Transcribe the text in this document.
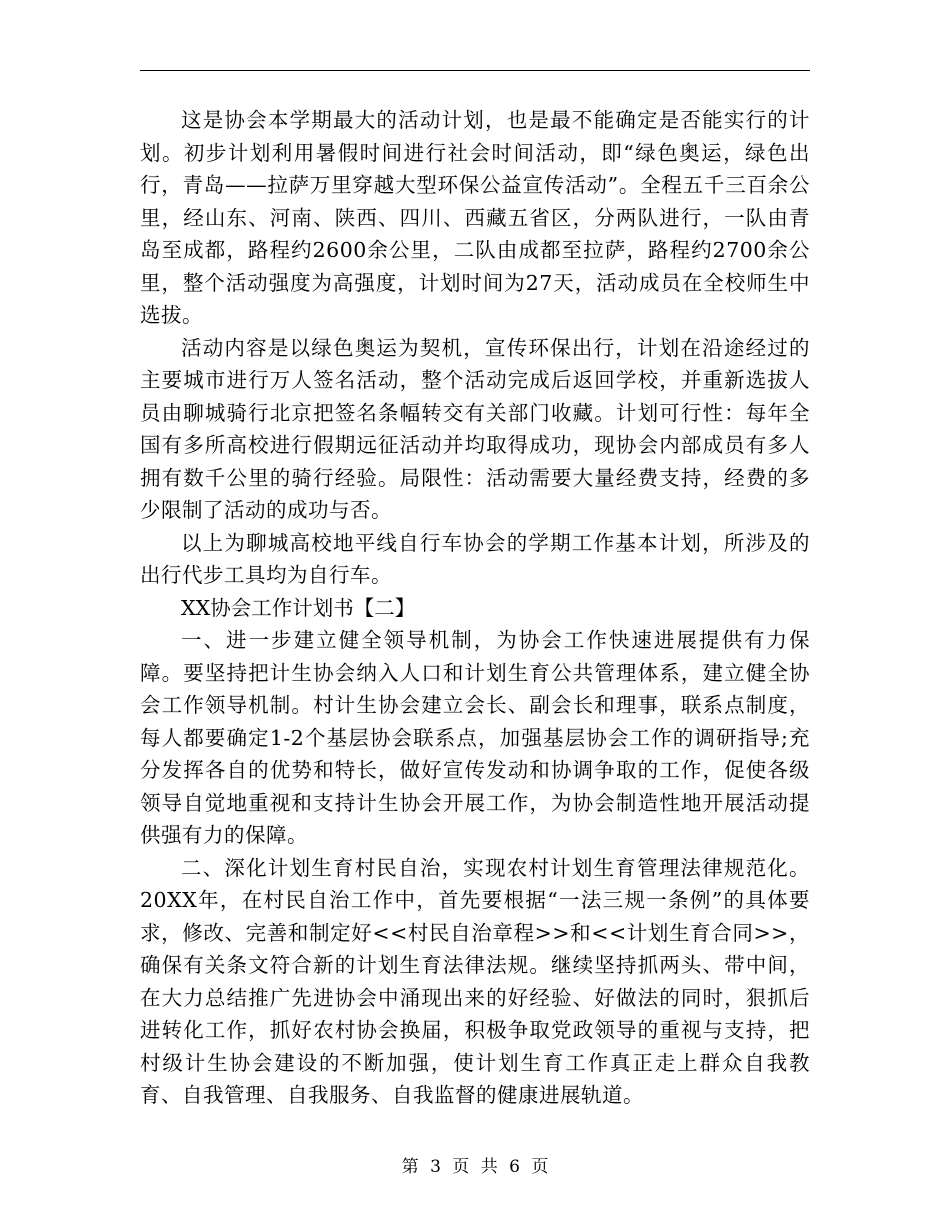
这是协会本学期最大的活动计划，也是最不能确定是否能实行的计划。初步计划利用暑假时间进行社会时间活动，即“绿色奥运，绿色出行，青岛——拉萨万里穿越大型环保公益宣传活动”。全程五千三百余公里，经山东、河南、陕西、四川、西藏五省区，分两队进行，一队由青岛至成都，路程约2600余公里，二队由成都至拉萨，路程约2700余公里，整个活动强度为高强度，计划时间为27天，活动成员在全校师生中选拔。

活动内容是以绿色奥运为契机，宣传环保出行，计划在沿途经过的主要城市进行万人签名活动，整个活动完成后返回学校，并重新选拔人员由聊城骑行北京把签名条幅转交有关部门收藏。计划可行性：每年全国有多所高校进行假期远征活动并均取得成功，现协会内部成员有多人拥有数千公里的骑行经验。局限性：活动需要大量经费支持，经费的多少限制了活动的成功与否。

以上为聊城高校地平线自行车协会的学期工作基本计划，所涉及的出行代步工具均为自行车。

XX协会工作计划书【二】

一、进一步建立健全领导机制，为协会工作快速进展提供有力保障。要坚持把计生协会纳入人口和计划生育公共管理体系，建立健全协会工作领导机制。村计生协会建立会长、副会长和理事，联系点制度，每人都要确定1-2个基层协会联系点，加强基层协会工作的调研指导;充分发挥各自的优势和特长，做好宣传发动和协调争取的工作，促使各级领导自觉地重视和支持计生协会开展工作，为协会制造性地开展活动提供强有力的保障。

二、深化计划生育村民自治，实现农村计划生育管理法律规范化。20XX年，在村民自治工作中，首先要根据“一法三规一条例”的具体要求，修改、完善和制定好<<村民自治章程>>和<<计划生育合同>>，确保有关条文符合新的计划生育法律法规。继续坚持抓两头、带中间，在大力总结推广先进协会中涌现出来的好经验、好做法的同时，狠抓后进转化工作，抓好农村协会换届，积极争取党政领导的重视与支持，把村级计生协会建设的不断加强，使计划生育工作真正走上群众自我教育、自我管理、自我服务、自我监督的健康进展轨道。

第 3 页 共 6 页
